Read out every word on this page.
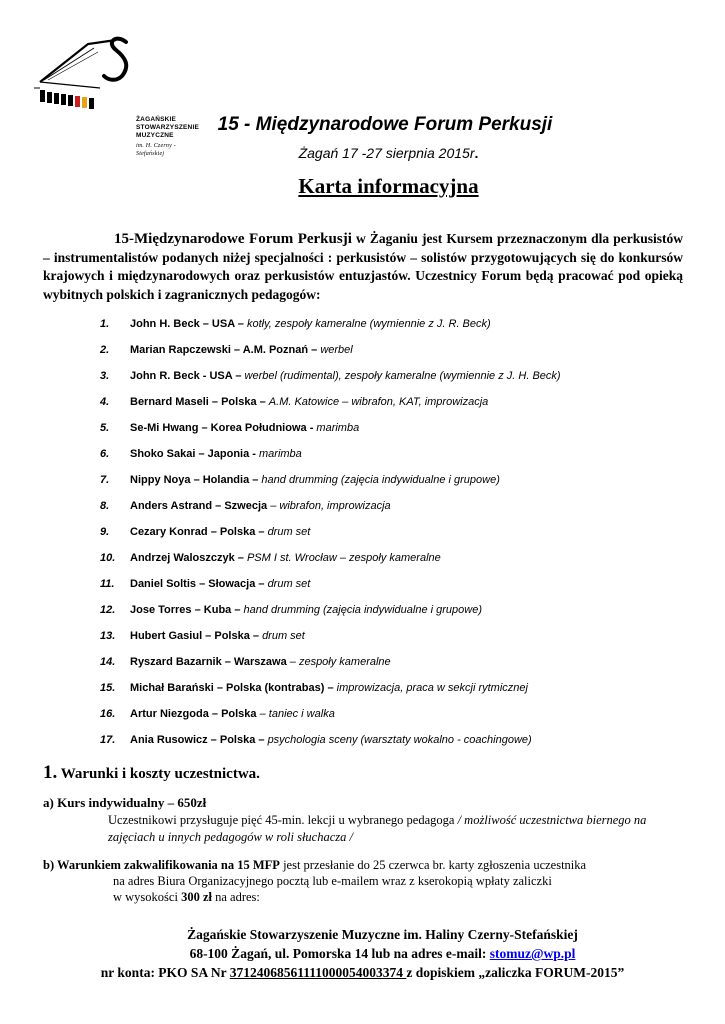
ŻAGAŃSKIE
STOWARZYSZENIE
MUZYCZNE
im. H. Czerny - Stefańskiej
15 - Międzynarodowe Forum Perkusji
Żagań 17 -27 sierpnia 2015r.
Karta informacyjna
15-Międzynarodowe Forum Perkusji w Żaganiu jest Kursem przeznaczonym dla perkusistów – instrumentalistów podanych niżej specjalności : perkusistów – solistów przygotowujących się do konkursów krajowych i międzynarodowych oraz perkusistów entuzjastów. Uczestnicy Forum będą pracować pod opieką wybitnych polskich i zagranicznych pedagogów:
1. John H. Beck – USA – kotły, zespoły kameralne (wymiennie z J. R. Beck)
2. Marian Rapczewski – A.M. Poznań – werbel
3. John R. Beck - USA – werbel (rudimental), zespoły kameralne (wymiennie z J. H. Beck)
4. Bernard Maseli – Polska – A.M. Katowice – wibrafon, KAT, improwizacja
5. Se-Mi Hwang – Korea Południowa - marimba
6. Shoko Sakai – Japonia - marimba
7. Nippy Noya – Holandia – hand drumming (zajęcia indywidualne i grupowe)
8. Anders Astrand – Szwecja – wibrafon, improwizacja
9. Cezary Konrad – Polska – drum set
10. Andrzej Waloszczyk – PSM I st. Wrocław – zespoły kameralne
11. Daniel Soltis – Słowacja – drum set
12. Jose Torres – Kuba – hand drumming (zajęcia indywidualne i grupowe)
13. Hubert Gasiul – Polska – drum set
14. Ryszard Bazarnik – Warszawa – zespoły kameralne
15. Michał Barański – Polska (kontrabas) – improwizacja, praca w sekcji rytmicznej
16. Artur Niezgoda – Polska – taniec i walka
17. Ania Rusowicz – Polska – psychologia sceny (warsztaty wokalno - coachingowe)
1. Warunki i koszty uczestnictwa.
a) Kurs indywidualny – 650zł
Uczestnikowi przysługuje pięć 45-min. lekcji u wybranego pedagoga / możliwość uczestnictwa biernego na zajęciach u innych pedagogów w roli słuchacza /
b) Warunkiem zakwalifikowania na 15 MFP jest przesłanie do 25 czerwca br. karty zgłoszenia uczestnika
na adres Biura Organizacyjnego pocztą lub e-mailem wraz z kserokopią wpłaty zaliczki
w wysokości 300 zł na adres:
Żagańskie Stowarzyszenie Muzyczne im. Haliny Czerny-Stefańskiej
68-100 Żagań, ul. Pomorska 14 lub na adres e-mail: stomuz@wp.pl
nr konta: PKO SA Nr 37124068561111000054003374 z dopiskiem „zaliczka FORUM-2015”
